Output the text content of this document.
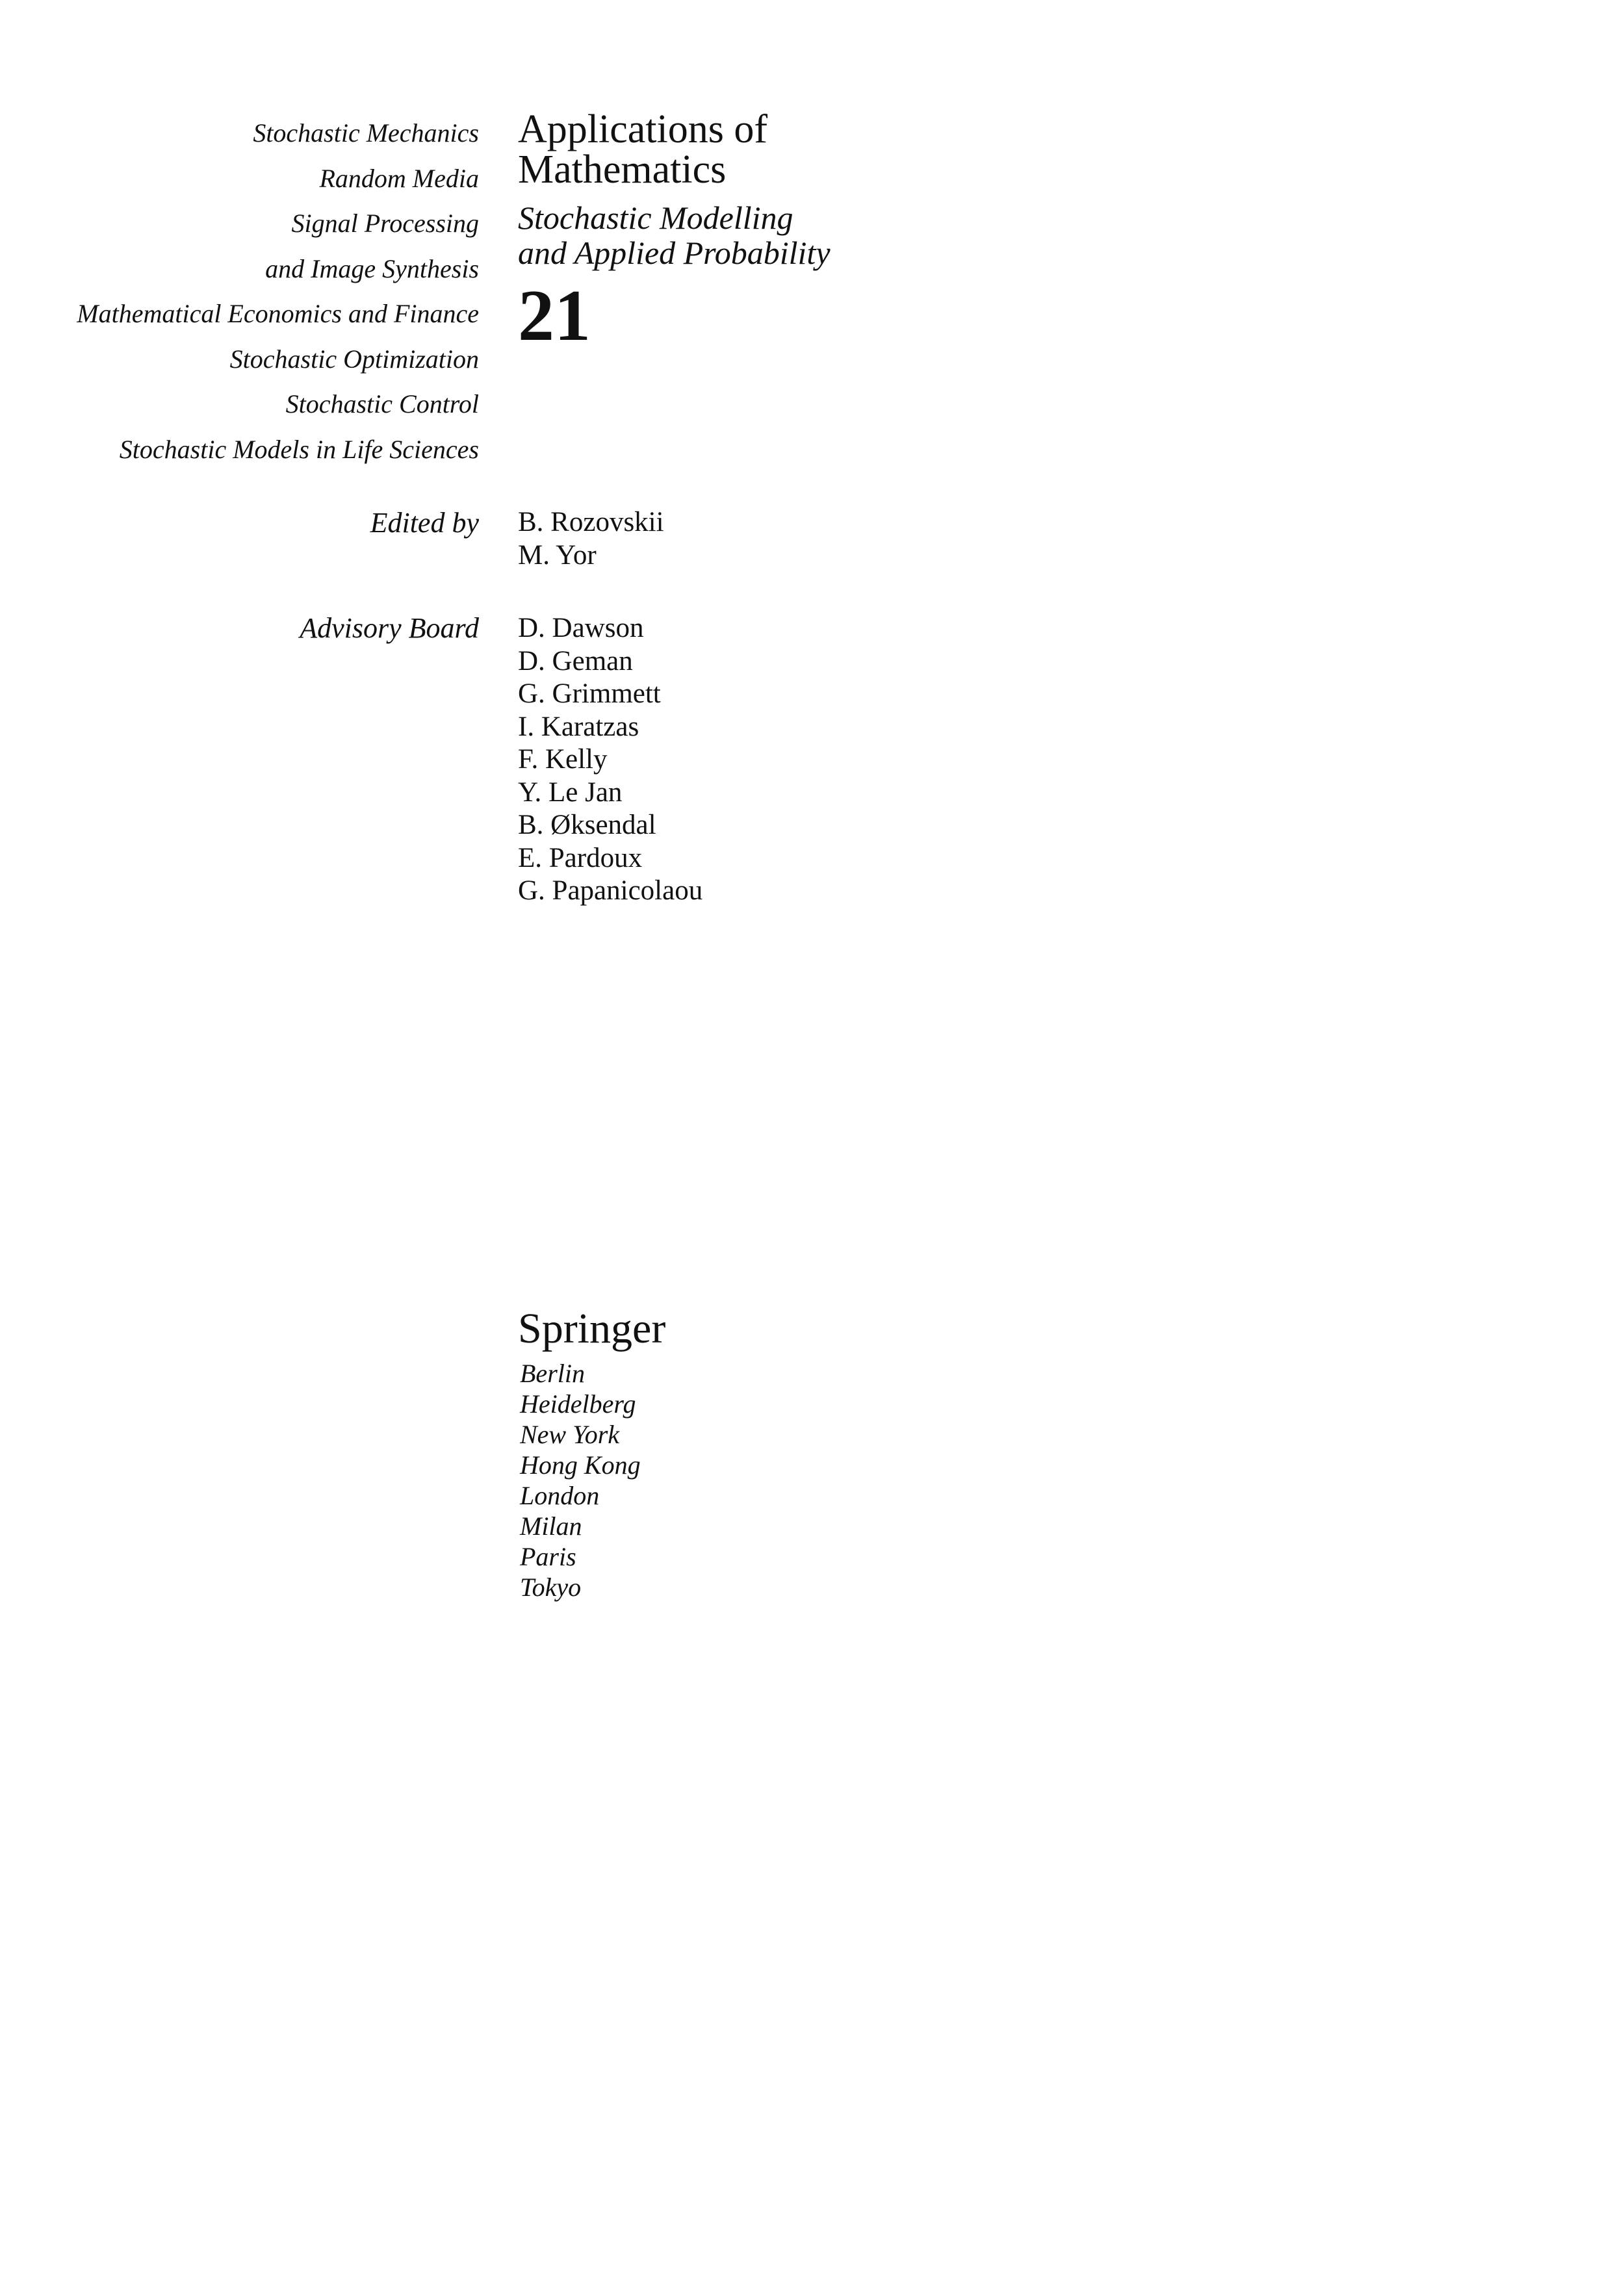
Stochastic Mechanics
Random Media
Signal Processing
and Image Synthesis
Mathematical Economics and Finance
Stochastic Optimization
Stochastic Control
Stochastic Models in Life Sciences
Applications of
Mathematics
Stochastic Modelling
and Applied Probability
21
Edited by B. Rozovskii
M. Yor
Advisory Board D. Dawson
D. Geman
G. Grimmett
I. Karatzas
F. Kelly
Y. Le Jan
B. Øksendal
E. Pardoux
G. Papanicolaou
Springer
Berlin
Heidelberg
New York
Hong Kong
London
Milan
Paris
Tokyo
